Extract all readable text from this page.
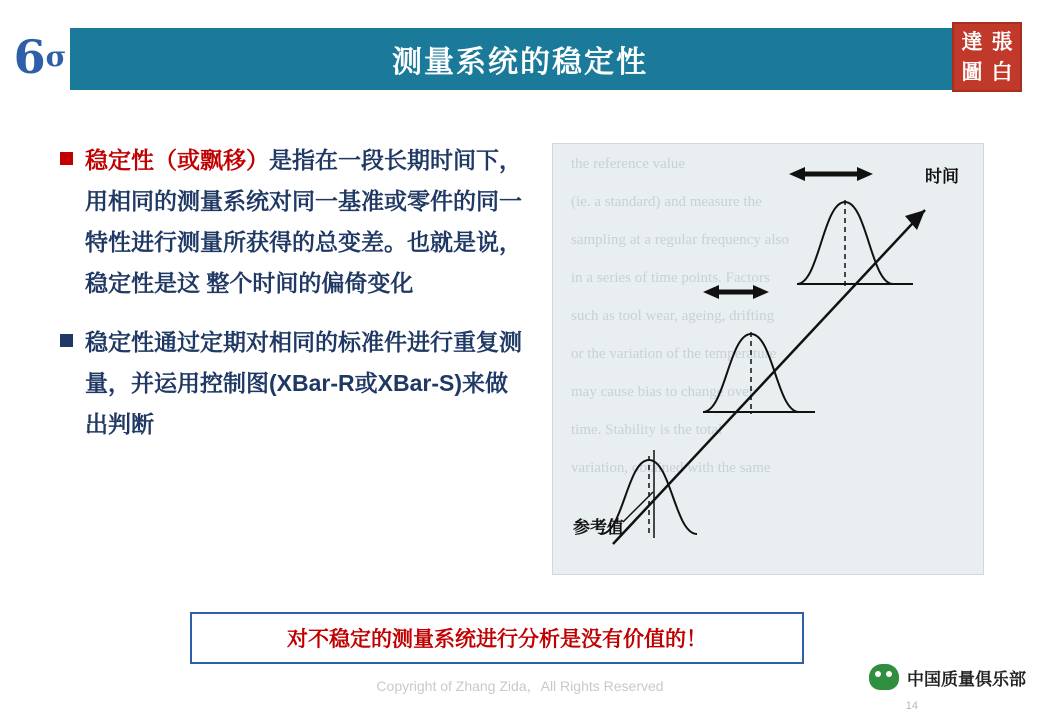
$6^\sigma$	测量系统的稳定性
達 張
圖 白
稳定性（或飘移）是指在一段长期时间下，用相同的测量系统对同一基准或零件的同一特性进行测量所获得的总变差。也就是说，稳定性是这 整个时间的偏倚变化
稳定性通过定期对相同的标准件进行重复测量，并运用控制图(XBar-R或XBar-S)来做出判断
the reference value
(ie. a standard) and measure the
sampling at a regular frequency also
in a series of time points. Factors
such as tool wear, ageing, drifting
or the variation of the temperature
may cause bias to change over
time. Stability is the total
variation, obtained with the same
时间
参考值
对不稳定的测量系统进行分析是没有价值的！
Copyright of Zhang Zida，All Rights Reserved	中国质量俱乐部
14
